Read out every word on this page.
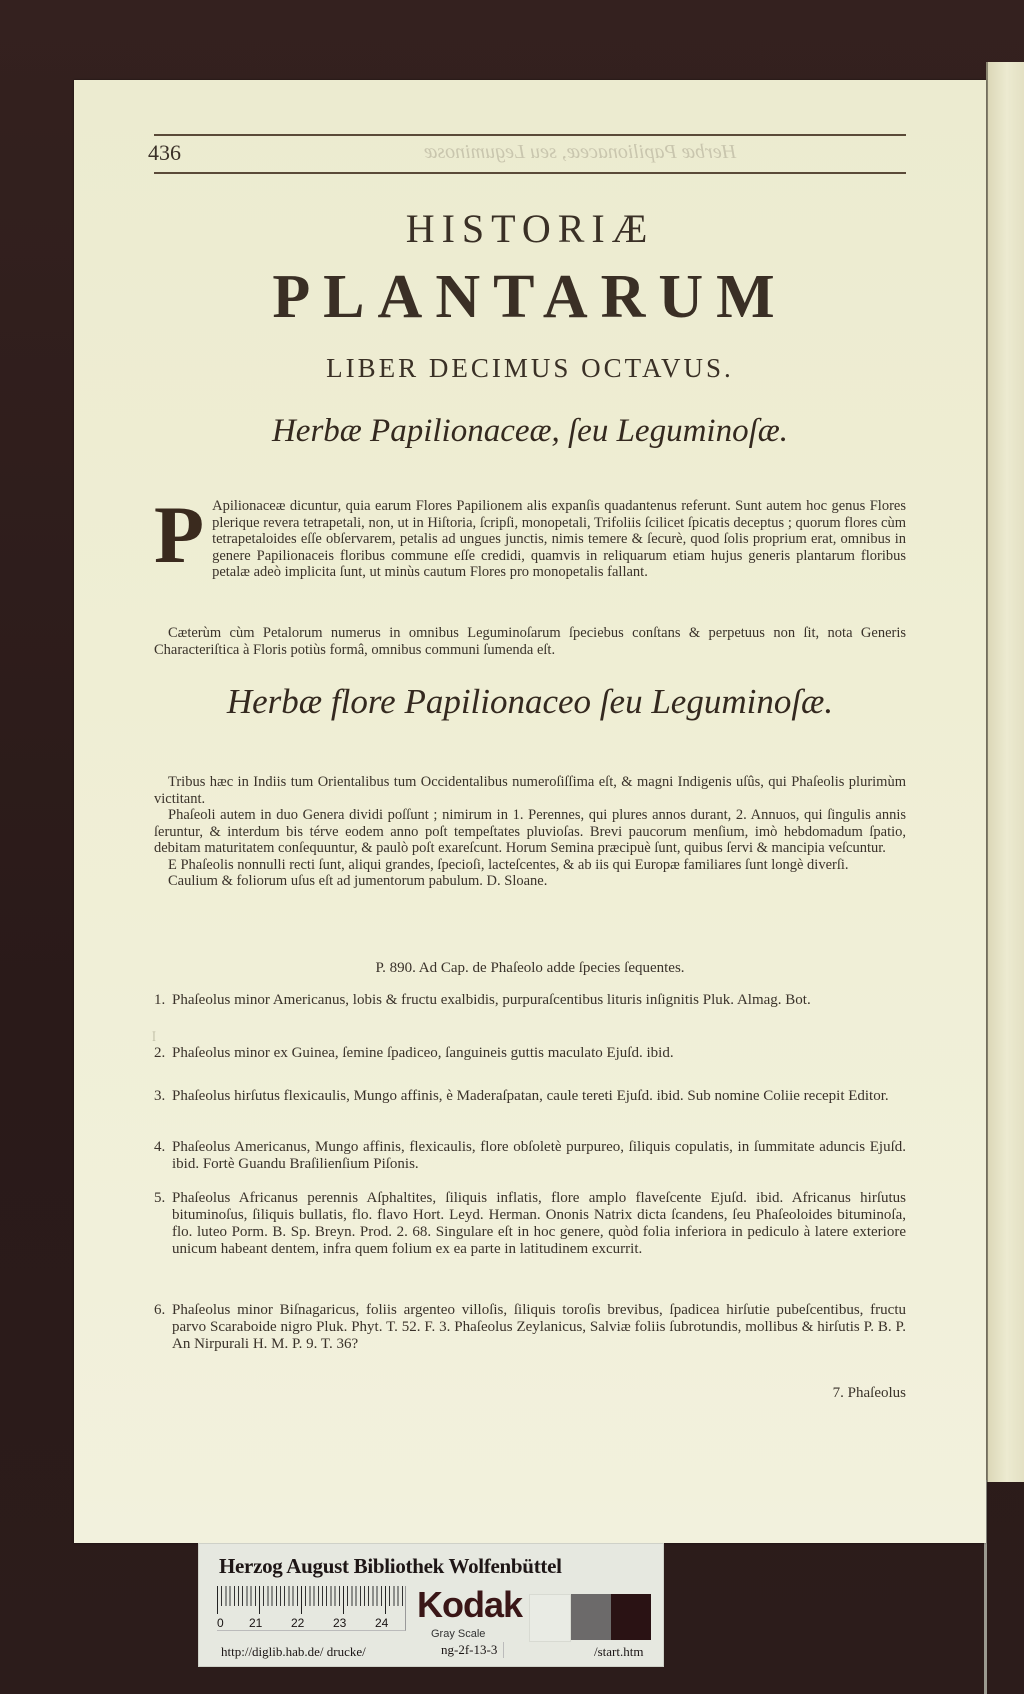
436	Herbæ Papilionaceæ, seu Leguminosæ
HISTORIÆ
PLANTARUM
LIBER DECIMUS OCTAVUS.
Herbæ Papilionaceæ, ſeu Leguminoſæ.
P Apilionaceæ dicuntur, quia earum Flores Papilionem alis expanſis quadantenus referunt. Sunt autem hoc genus Flores plerique revera tetrapetali, non, ut in Hiſtoria, ſcripſi, monopetali, Trifoliis ſcilicet ſpicatis deceptus ; quorum flores cùm tetrapetaloides eſſe obſervarem, petalis ad ungues junctis, nimis temere & ſecurè, quod ſolis proprium erat, omnibus in genere Papilionaceis floribus commune eſſe credidi, quamvis in reliquarum etiam hujus generis plantarum floribus petalæ adeò implicita ſunt, ut minùs cautum Flores pro monopetalis fallant.
Cæterùm cùm Petalorum numerus in omnibus Leguminoſarum ſpeciebus conſtans & perpetuus non ſit, nota Generis Characteriſtica à Floris potiùs formâ, omnibus communi ſumenda eſt.
Herbæ flore Papilionaceo ſeu Leguminoſæ.

Tribus hæc in Indiis tum Orientalibus tum Occidentalibus numeroſiſſima eſt, & magni Indigenis uſûs, qui Phaſeolis plurimùm victitant.

Phaſeoli autem in duo Genera dividi poſſunt ; nimirum in 1. Perennes, qui plures annos durant, 2. Annuos, qui ſingulis annis ſeruntur, & interdum bis térve eodem anno poſt tempeſtates pluvioſas. Brevi paucorum menſium, imò hebdomadum ſpatio, debitam maturitatem conſequuntur, & paulò poſt exareſcunt. Horum Semina præcipuè ſunt, quibus ſervi & mancipia veſcuntur.

E Phaſeolis nonnulli recti ſunt, aliqui grandes, ſpecioſi, lacteſcentes, & ab iis qui Europæ familiares ſunt longè diverſi.

Caulium & foliorum uſus eſt ad jumentorum pabulum. D. Sloane.

P. 890. Ad Cap. de Phaſeolo adde ſpecies ſequentes.
ꟾ
1. Phaſeolus minor Americanus, lobis & fructu exalbidis, purpuraſcentibus lituris inſignitis Pluk. Almag. Bot.
2. Phaſeolus minor ex Guinea, ſemine ſpadiceo, ſanguineis guttis maculato Ejuſd. ibid.
3. Phaſeolus hirſutus flexicaulis, Mungo affinis, è Maderaſpatan, caule tereti Ejuſd. ibid. Sub nomine Coliie recepit Editor.
4. Phaſeolus Americanus, Mungo affinis, flexicaulis, flore obſoletè purpureo, ſiliquis copulatis, in ſummitate aduncis Ejuſd. ibid. Fortè Guandu Braſilienſium Piſonis.
5. Phaſeolus Africanus perennis Aſphaltites, ſiliquis inflatis, flore amplo flaveſcente Ejuſd. ibid. Africanus hirſutus bituminoſus, ſiliquis bullatis, flo. flavo Hort. Leyd. Herman. Ononis Natrix dicta ſcandens, ſeu Phaſeoloides bituminoſa, flo. luteo Porm. B. Sp. Breyn. Prod. 2. 68. Singulare eſt in hoc genere, quòd folia inferiora in pediculo à latere exteriore unicum habeant dentem, infra quem folium ex ea parte in latitudinem excurrit.
6. Phaſeolus minor Biſnagaricus, foliis argenteo villoſis, ſiliquis toroſis brevibus, ſpadicea hirſutie pubeſcentibus, fructu parvo Scaraboide nigro Pluk. Phyt. T. 52. F. 3. Phaſeolus Zeylanicus, Salviæ foliis ſubrotundis, mollibus & hirſutis P. B. P. An Nirpurali H. M. P. 9. T. 36?
7. Phaſeolus
Herzog August Bibliothek Wolfenbüttel
0 21 22 23 24 Kodak
Gray Scale
http://diglib.hab.de/ drucke/	ng-2f-13-3	/start.htm
